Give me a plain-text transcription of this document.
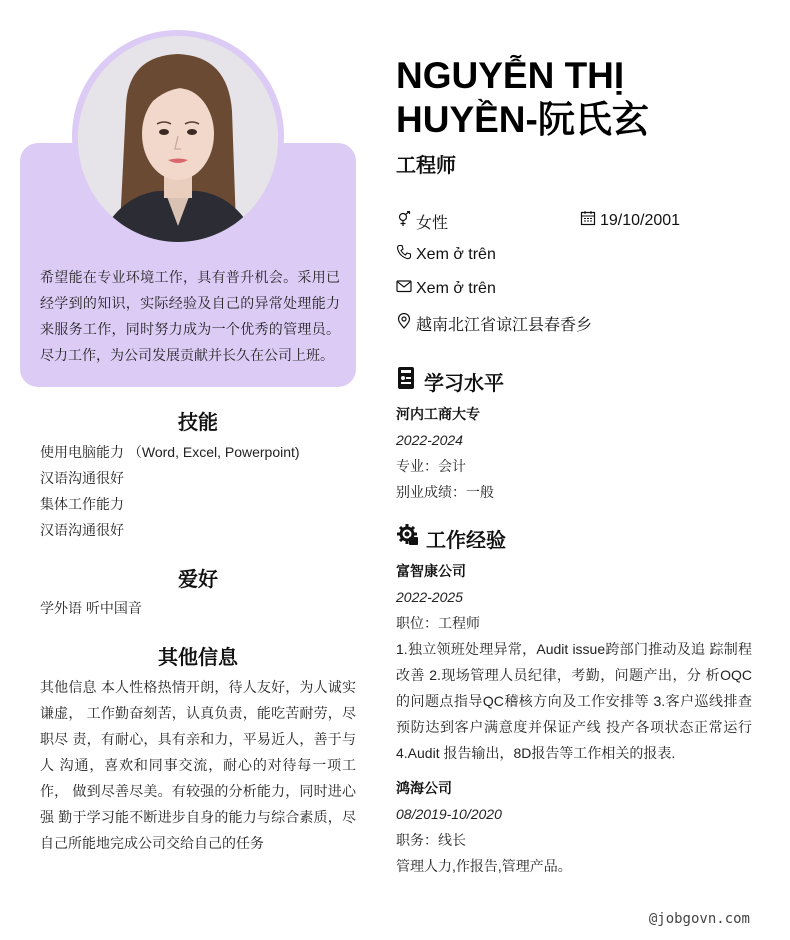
希望能在专业环境工作，具有普升机会。采用已经学到的知识，实际经验及自己的异常处理能力来服务工作，同时努力成为一个优秀的管理员。尽力工作，为公司发展贡献并长久在公司上班。
技能
使用电脑能力 （Word, Excel, Powerpoint)
汉语沟通很好
集体工作能力
汉语沟通很好
爱好
学外语 听中国音
其他信息
其他信息 本人性格热情开朗，待人友好，为人诚实谦虚， 工作勤奋刻苦，认真负责，能吃苦耐劳，尽职尽 责，有耐心，具有亲和力，平易近人，善于与人 沟通，喜欢和同事交流，耐心的对待每一项工作， 做到尽善尽美。有较强的分析能力，同时进心强 勤于学习能不断进步自身的能力与综合素质，尽自己所能地完成公司交给自己的任务
NGUYỄN THỊ HUYỀN-阮氏玄
工程师
女性	19/10/2001
Xem ở trên
Xem ở trên
越南北江省谅江县春香乡
学习水平
河内工商大专
2022-2024
专业：会计
别业成绩：一般
工作经验
富智康公司
2022-2025
职位：工程师
1.独立领班处理异常，Audit issue跨部门推动及追 踪制程改善 2.现场管理人员纪律，考勤，问题产出，分 析OQC的问题点指导QC稽核方向及工作安排等 3.客户巡线排查预防达到客户满意度并保证产线 投产各项状态正常运行 4.Audit 报告输出，8D报告等工作相关的报表.
鸿海公司
08/2019-10/2020
职务：线长
管理人力,作报告,管理产品。
@jobgovn.com
